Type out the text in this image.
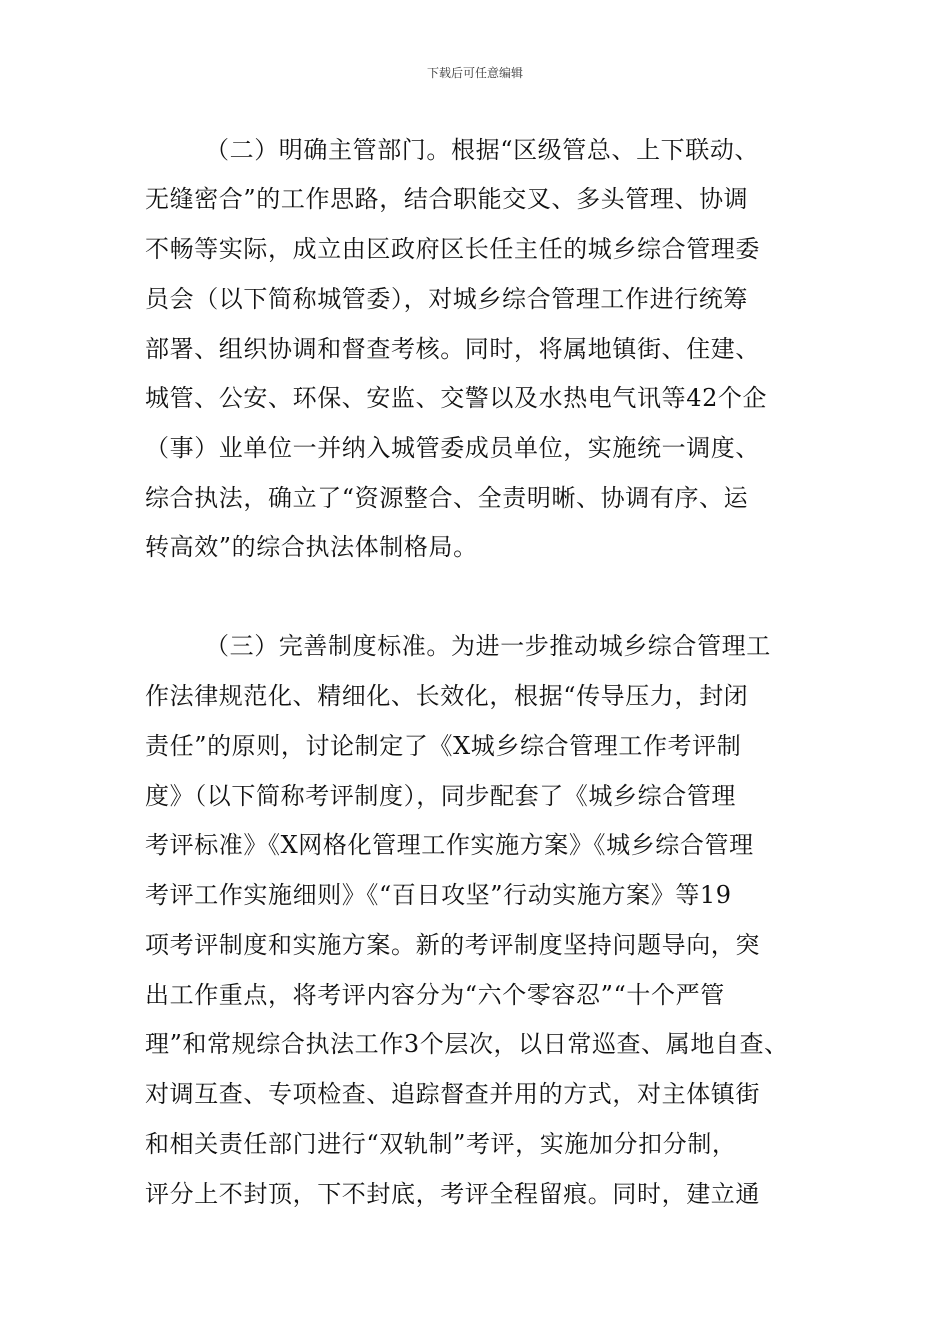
下载后可任意编辑
（二）明确主管部门。根据“区级管总、上下联动、
无缝密合”的工作思路，结合职能交叉、多头管理、协调
不畅等实际，成立由区政府区长任主任的城乡综合管理委
员会（以下简称城管委），对城乡综合管理工作进行统筹
部署、组织协调和督查考核。同时，将属地镇街、住建、
城管、公安、环保、安监、交警以及水热电气讯等42个企
（事）业单位一并纳入城管委成员单位，实施统一调度、
综合执法，确立了“资源整合、全责明晰、协调有序、运
转高效”的综合执法体制格局。
（三）完善制度标准。为进一步推动城乡综合管理工
作法律规范化、精细化、长效化，根据“传导压力，封闭
责任”的原则，讨论制定了《X城乡综合管理工作考评制
度》（以下简称考评制度），同步配套了《城乡综合管理
考评标准》《X网格化管理工作实施方案》《城乡综合管理
考评工作实施细则》《“百日攻坚”行动实施方案》等19
项考评制度和实施方案。新的考评制度坚持问题导向，突
出工作重点，将考评内容分为“六个零容忍”“十个严管
理”和常规综合执法工作3个层次，以日常巡查、属地自查、
对调互查、专项检查、追踪督查并用的方式，对主体镇街
和相关责任部门进行“双轨制”考评，实施加分扣分制，
评分上不封顶，下不封底，考评全程留痕。同时，建立通
